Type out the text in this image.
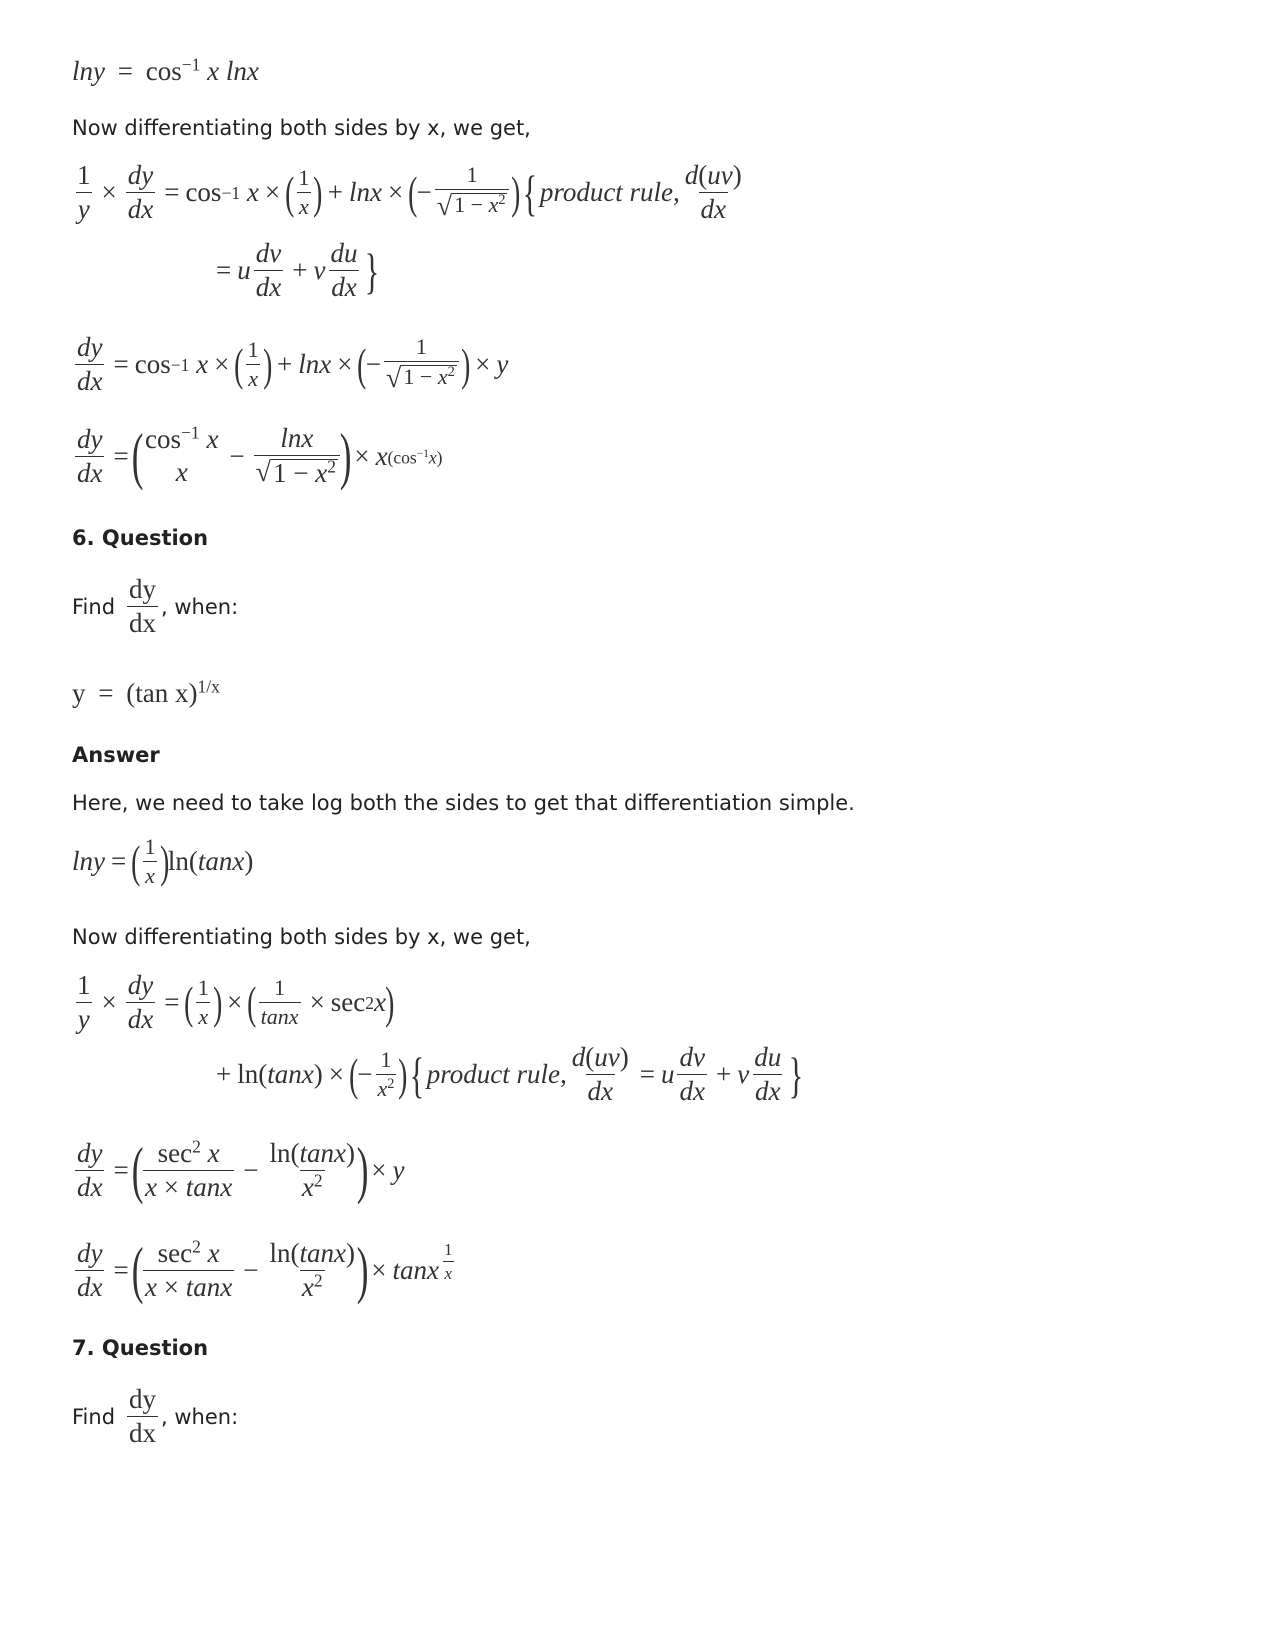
$\ln y = \cos^{-1} x$ lnx
Now differentiating both sides by x, we get,
$\frac{1}{y} \times \frac{dy}{dx} = \cos -1$ x × ( $\frac{1}{x}$ ) + lnx × ( − $\frac{1}{√ 1 - x^2}$ ) { product rule, $\frac{d(uv)}{dx}$
= u $\frac{dv}{dx} + v \frac{du}{dx}$ }
$\frac{dy}{dx} = \cos -1$ x × ( $\frac{1}{x}$ ) + lnx × ( − $\frac{1}{√ 1 - x^2}$ ) × y
$\frac{dy}{dx}$ = ( $\cos^{-1} x$
x
− $\frac{\ln x}{√ 1 - x^2}$ ) × x $(\cos^{-1}x)$
6. Question
Find $\frac{dy}{dx}$ , when:
y = (tan x)$^{1/x}$
Answer
Here, we need to take log both the sides to get that differentiation simple.
lny = ( $\frac{1}{x}$ ) ln( tanx )
Now differentiating both sides by x, we get,
$\frac{1}{y} \times \frac{dy}{dx}$ = ( $\frac{1}{x}$ ) × ( $\frac{1}{\tan x} \times \sec 2$ x )
+ ln( tanx ) × ( − $\frac{1}{x^2}$ ) { product rule, $\frac{d(uv)}{dx} = u \frac{dv}{dx} + v \frac{du}{dx}$ }
$\frac{dy}{dx}$ = ( $\frac{\sec^2 x}{x \times \tan x} - \frac{\ln(\tan x)}{x^2}$ ) × y
$\frac{dy}{dx}$ = ( $\frac{\sec^2 x}{x \times \tan x} - \frac{\ln(\tan x)}{x^2}$ ) × tanx $\frac{1}{x}$
7. Question
Find $\frac{dy}{dx}$ , when:
